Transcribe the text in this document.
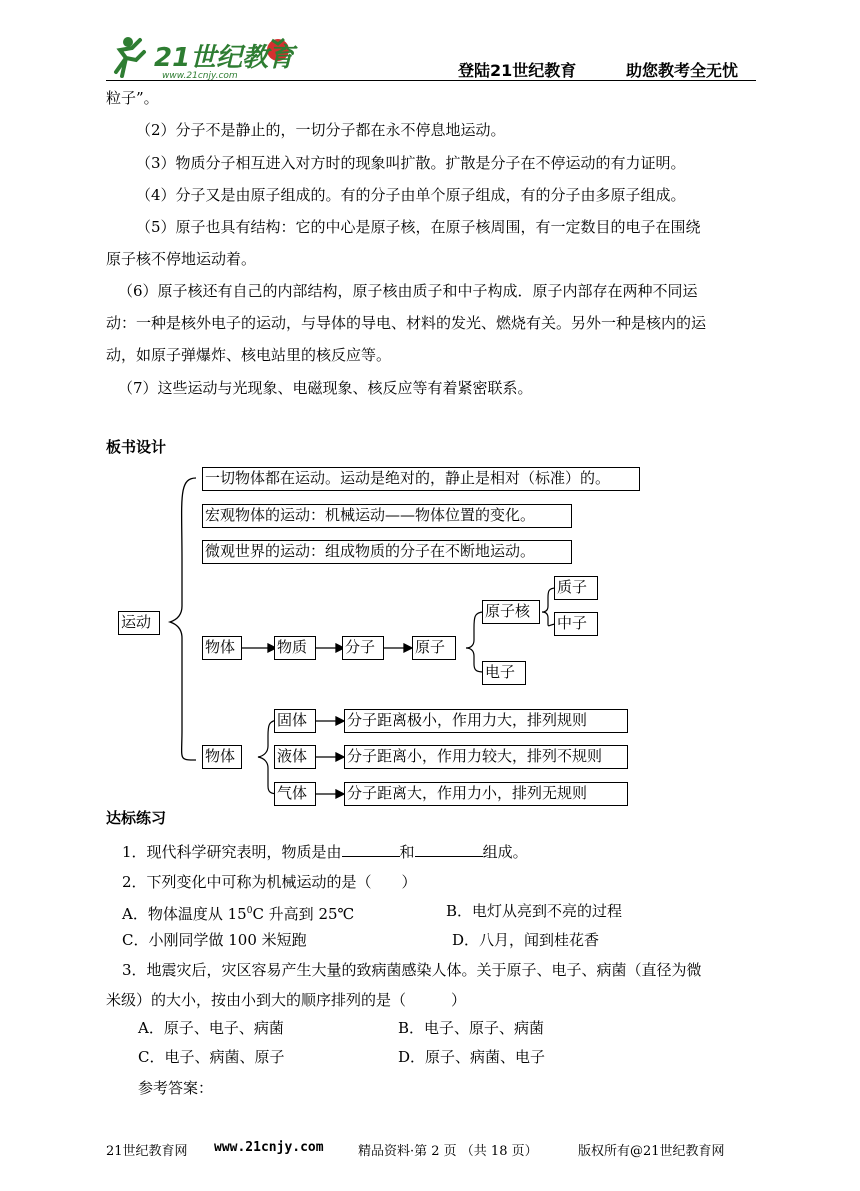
21世纪教育
www.21cnjy.com	登陆21世纪教育	助您教考全无忧
粒子”。
（2）分子不是静止的，一切分子都在永不停息地运动。
（3）物质分子相互进入对方时的现象叫扩散。扩散是分子在不停运动的有力证明。
（4）分子又是由原子组成的。有的分子由单个原子组成，有的分子由多原子组成。
（5）原子也具有结构：它的中心是原子核，在原子核周围，有一定数目的电子在围绕
原子核不停地运动着。
（6）原子核还有自己的内部结构，原子核由质子和中子构成．原子内部存在两种不同运
动：一种是核外电子的运动，与导体的导电、材料的发光、燃烧有关。另外一种是核内的运
动，如原子弹爆炸、核电站里的核反应等。
（7）这些运动与光现象、电磁现象、核反应等有着紧密联系。
板书设计
运动
一切物体都在运动。运动是绝对的，静止是相对（标准）的。
宏观物体的运动：机械运动——物体位置的变化。
微观世界的运动：组成物质的分子在不断地运动。
物体	物质	分子	原子
原子核
电子
质子
中子
物体
固体
液体
气体
分子距离极小，作用力大，排列规则
分子距离小，作用力较大，排列不规则
分子距离大，作用力小，排列无规则
达标练习
1．现代科学研究表明，物质是由	和	组成。
2．下列变化中可称为机械运动的是（　　）
A．物体温度从 $15^0C$ 升高到 25℃	B．电灯从亮到不亮的过程
C．小刚同学做 100 米短跑	D．八月，闻到桂花香
3．地震灾后，灾区容易产生大量的致病菌感染人体。关于原子、电子、病菌（直径为微
米级）的大小，按由小到大的顺序排列的是（　　　）
A．原子、电子、病菌	B．电子、原子、病菌
C．电子、病菌、原子	D．原子、病菌、电子
参考答案：
21世纪教育网 www.21cnjy.com	精品资料·第 2 页 （共 18 页）	版权所有@21世纪教育网
